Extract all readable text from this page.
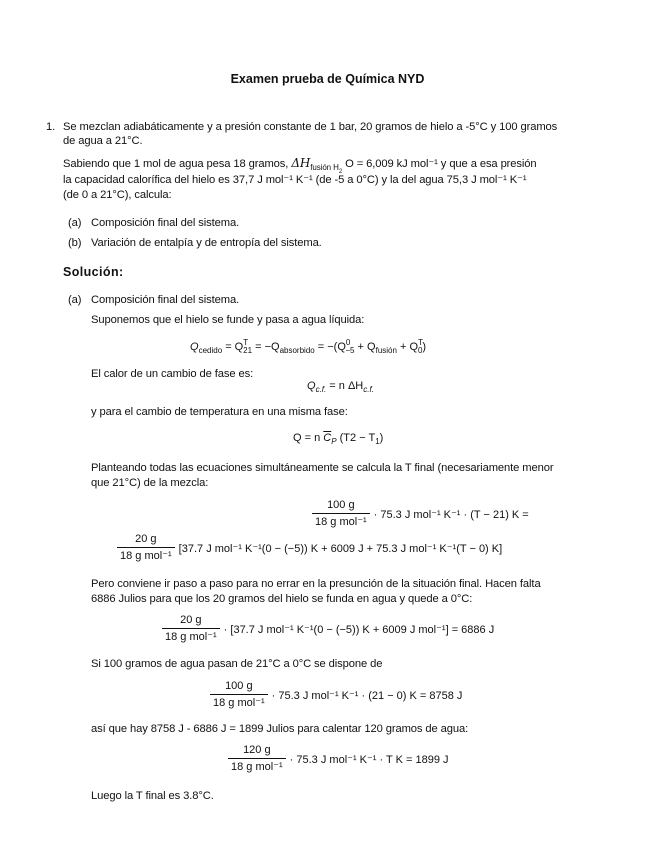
Examen prueba de Química NYD
1. Se mezclan adiabáticamente y a presión constante de 1 bar, 20 gramos de hielo a -5°C y 100 gramos
de agua a 21°C.
Sabiendo que 1 mol de agua pesa 18 gramos, $\Delta H_{fusión H2}$ O = 6,009 kJ mol⁻¹ y que a esa presión
la capacidad calorífica del hielo es 37,7 J mol⁻¹ K⁻¹ (de -5 a 0°C) y la del agua 75,3 J mol⁻¹ K⁻¹
(de 0 a 21°C), calcula:
(a) Composición final del sistema.
(b) Variación de entalpía y de entropía del sistema.
Solución:
(a) Composición final del sistema.
Suponemos que el hielo se funde y pasa a agua líquida:
$Q_{cedido} = Q^T_{21} = -Q_{absorbido} = -(Q^0_{-5} + Q_{fusión} + Q^T_0)$
El calor de un cambio de fase es:
$Q_{c.f.} = n$ $\Delta H_{c.f.}$
y para el cambio de temperatura en una misma fase:
Q = n $\overline{C}_P$ $(T2 - T_1)$
Planteando todas las ecuaciones simultáneamente se calcula la T final (necesariamente menor
que 21°C) de la mezcla:
$\frac{100 g}{\text{18 g mol⁻¹}} \cdot 75.3$ J mol⁻¹ K⁻¹ · (T − 21) K =
$\frac{20 g}{\text{18 g mol⁻¹}} [37.7$ J mol⁻¹ K⁻¹(0 − (−5)) K + 6009 J + 75.3 J mol⁻¹ K⁻¹(T − 0) K]
Pero conviene ir paso a paso para no errar en la presunción de la situación final. Hacen falta
6886 Julios para que los 20 gramos del hielo se funda en agua y quede a 0°C:
$\frac{20 g}{\text{18 g mol⁻¹}} \cdot [37.7$ J mol⁻¹ K⁻¹(0 − (−5)) K + 6009 J mol⁻¹] = 6886 J
Si 100 gramos de agua pasan de 21°C a 0°C se dispone de
$\frac{100 g}{\text{18 g mol⁻¹}} \cdot 75.3$ J mol⁻¹ K⁻¹ · (21 − 0) K = 8758 J
así que hay 8758 J - 6886 J = 1899 Julios para calentar 120 gramos de agua:
$\frac{120 g}{\text{18 g mol⁻¹}} \cdot 75.3$ J mol⁻¹ K⁻¹ · T K = 1899 J
Luego la T final es 3.8°C.
